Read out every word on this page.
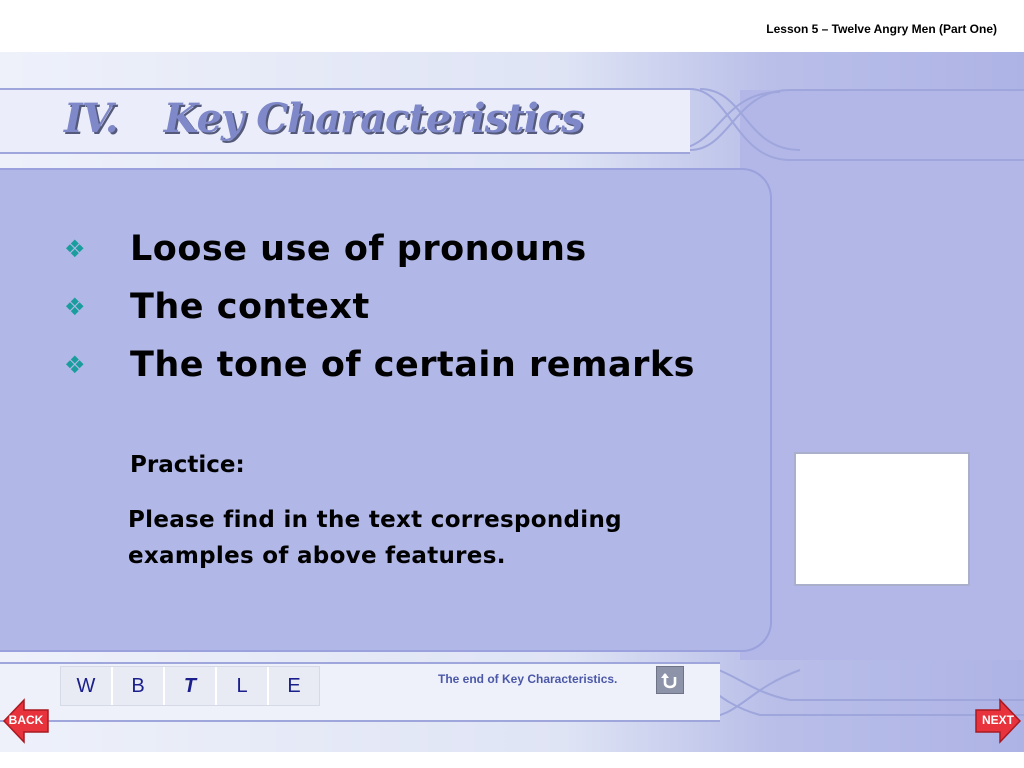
Lesson 5 – Twelve Angry Men (Part One)
IV. Key Characteristics
❖	Loose use of pronouns
❖	The context
❖	The tone of certain remarks
Practice:
Please find in the text corresponding examples of above features.
W	B	T	L	E	The end of Key Characteristics.
BACK	NEXT
